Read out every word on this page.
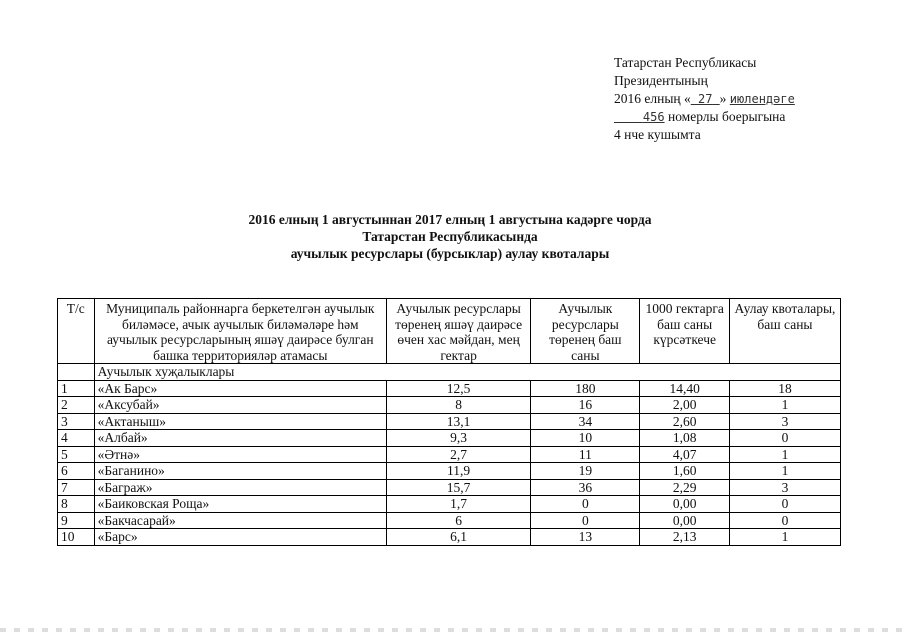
Татарстан Республикасы
Президентының
2016 елның « 27 » июлендәге
456 номерлы боерыгына
4 нче кушымта
2016 елның 1 августыннан 2017 елның 1 августына кадәрге чорда
Татарстан Республикасында
аучылык ресурслары (бурсыклар) аулау квоталары
Т/с	Муниципаль районнарга беркетелгән аучылык биләмәсе, ачык аучылык биләмәләре һәм аучылык ресурсларының яшәү даирәсе булган башка территорияләр атамасы	Аучылык ресурслары төренең яшәү даирәсе өчен хас мәйдан, мең гектар	Аучылык ресурслары төренең баш саны	1000 гектарга баш саны күрсәткече	Аулау квоталары, баш саны
	Аучылык хуҗалыклары				
1	«Ак Барс»	12,5	180	14,40	18
2	«Аксубай»	8	16	2,00	1
3	«Актаныш»	13,1	34	2,60	3
4	«Албай»	9,3	10	1,08	0
5	«Әтнә»	2,7	11	4,07	1
6	«Баганино»	11,9	19	1,60	1
7	«Баграж»	15,7	36	2,29	3
8	«Баиковская Роща»	1,7	0	0,00	0
9	«Бакчасарай»	6	0	0,00	0
10	«Барс»	6,1	13	2,13	1
